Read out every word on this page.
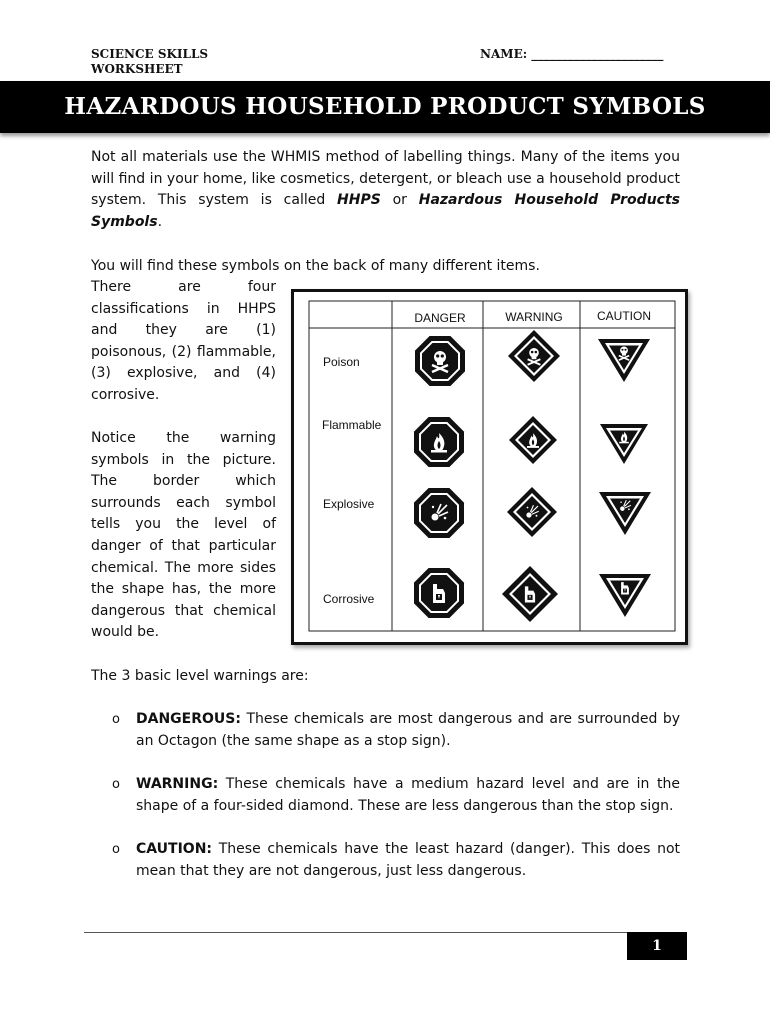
SCIENCE SKILLS
WORKSHEET
NAME: ______________________
HAZARDOUS HOUSEHOLD PRODUCT SYMBOLS
Not all materials use the WHMIS method of labelling things. Many of the items you will find in your home, like cosmetics, detergent, or bleach use a household product system. This system is called HHPS or Hazardous Household Products Symbols.
You will find these symbols on the back of many different items.
There are four classifications in HHPS and they are (1) poisonous, (2) flammable, (3) explosive, and (4) corrosive.
Notice the warning symbols in the picture. The border which surrounds each symbol tells you the level of danger of that particular chemical. The more sides the shape has, the more dangerous that chemical would be.
DANGER	WARNING	CAUTION
Poison
Flammable
Explosive
Corrosive
The 3 basic level warnings are:
o DANGEROUS: These chemicals are most dangerous and are surrounded by an Octagon (the same shape as a stop sign).
o WARNING: These chemicals have a medium hazard level and are in the shape of a four-sided diamond. These are less dangerous than the stop sign.
o CAUTION: These chemicals have the least hazard (danger). This does not mean that they are not dangerous, just less dangerous.
1
